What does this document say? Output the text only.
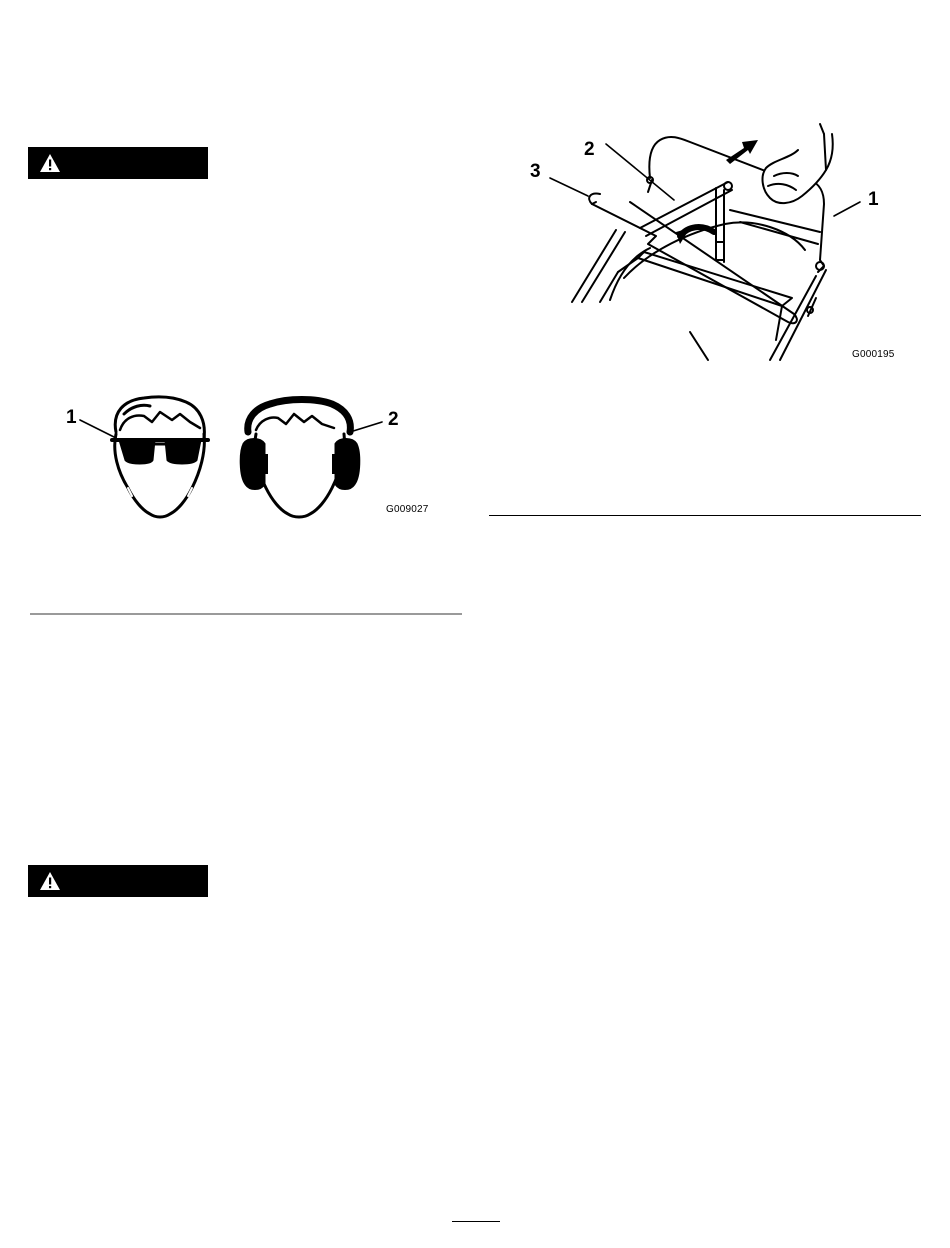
2
3
1
G000195
1	2
G009027
